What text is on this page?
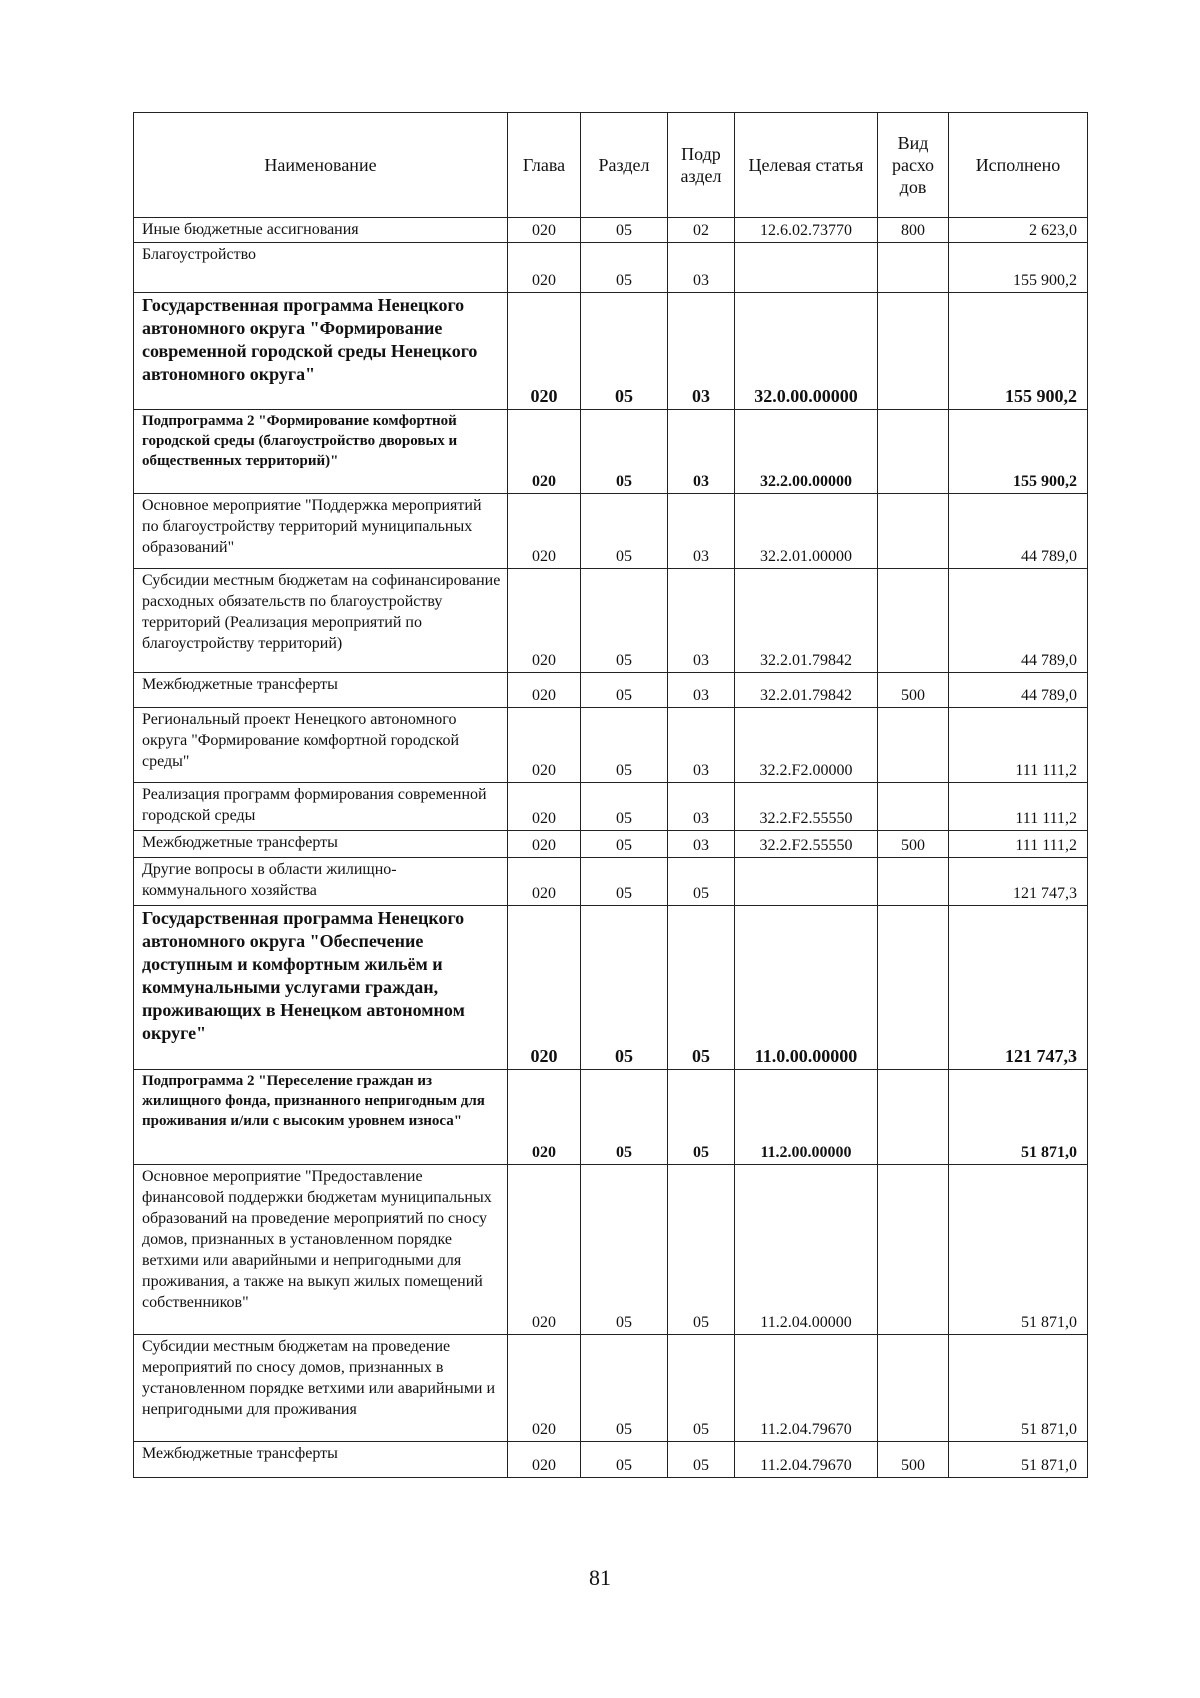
Наименование	Глава	Раздел	Подр аздел	Целевая статья	Вид расхо дов	Исполнено
Иные бюджетные ассигнования	020	05	02	12.6.02.73770	800	2 623,0
Благоустройство	020	05	03			155 900,2
Государственная программа Ненецкого автономного округа "Формирование современной городской среды Ненецкого автономного округа"	020	05	03	32.0.00.00000		155 900,2
Подпрограмма 2 "Формирование комфортной городской среды (благоустройство дворовых и общественных территорий)"	020	05	03	32.2.00.00000		155 900,2
Основное мероприятие "Поддержка мероприятий по благоустройству территорий муниципальных образований"	020	05	03	32.2.01.00000		44 789,0
Субсидии местным бюджетам на софинансирование расходных обязательств по благоустройству территорий (Реализация мероприятий по благоустройству территорий)	020	05	03	32.2.01.79842		44 789,0
Межбюджетные трансферты	020	05	03	32.2.01.79842	500	44 789,0
Региональный проект Ненецкого автономного округа "Формирование комфортной городской среды"	020	05	03	32.2.F2.00000		111 111,2
Реализация программ формирования современной городской среды	020	05	03	32.2.F2.55550		111 111,2
Межбюджетные трансферты	020	05	03	32.2.F2.55550	500	111 111,2
Другие вопросы в области жилищно-коммунального хозяйства	020	05	05			121 747,3
Государственная программа Ненецкого автономного округа "Обеспечение доступным и комфортным жильём и коммунальными услугами граждан, проживающих в Ненецком автономном округе"	020	05	05	11.0.00.00000		121 747,3
Подпрограмма 2 "Переселение граждан из жилищного фонда, признанного непригодным для проживания и/или с высоким уровнем износа"	020	05	05	11.2.00.00000		51 871,0
Основное мероприятие "Предоставление финансовой поддержки бюджетам муниципальных образований на проведение мероприятий по сносу домов, признанных в установленном порядке ветхими или аварийными и непригодными для проживания, а также на выкуп жилых помещений собственников"	020	05	05	11.2.04.00000		51 871,0
Субсидии местным бюджетам на проведение мероприятий по сносу домов, признанных в установленном порядке ветхими или аварийными и непригодными для проживания	020	05	05	11.2.04.79670		51 871,0
Межбюджетные трансферты	020	05	05	11.2.04.79670	500	51 871,0
81
